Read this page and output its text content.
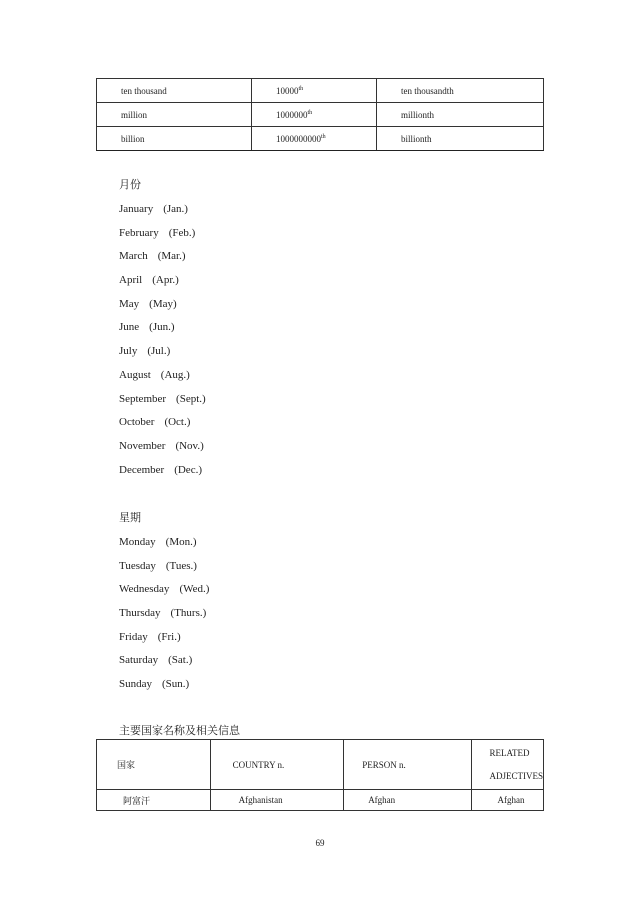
ten thousand	10000th	ten thousandth
million	1000000th	millionth
billion	1000000000th	billionth
月份
January (Jan.)
February (Feb.)
March (Mar.)
April (Apr.)
May (May)
June (Jun.)
July (Jul.)
August (Aug.)
September (Sept.)
October (Oct.)
November (Nov.)
December (Dec.)
星期
Monday (Mon.)
Tuesday (Tues.)
Wednesday (Wed.)
Thursday (Thurs.)
Friday (Fri.)
Saturday (Sat.)
Sunday (Sun.)
主要国家名称及相关信息
国家	COUNTRY n.	PERSON n.	RELATED
ADJECTIVES

阿富汗	Afghanistan	Afghan	Afghan
69
